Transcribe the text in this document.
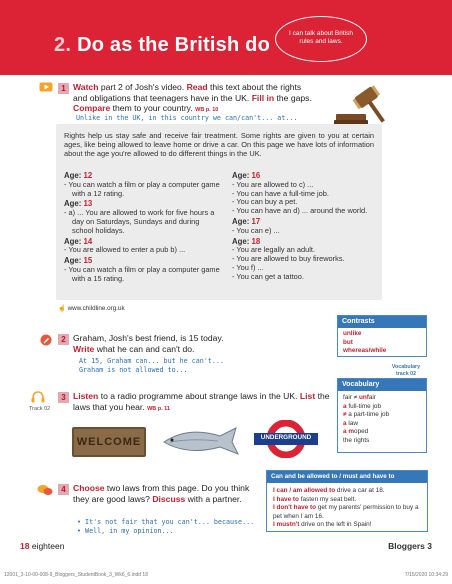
2. Do as the British do
I can talk about British
rules and laws.
1 Watch part 2 of Josh's video. Read this text about the rights and obligations that teenagers have in the UK. Fill in the gaps. Compare them to your country. WB p. 10
Unlike in the UK, in this country we can/can't... at...
Rights help us stay safe and receive fair treatment. Some rights are given to you at certain ages, like being allowed to leave home or drive a car. On this page we have lots of information about the age you're allowed to do different things in the UK.
Age: 12
- You can watch a film or play a computer game with a 12 rating.
Age: 13
- a) ... You are allowed to work for five hours a day on Saturdays, Sundays and during school holidays.
Age: 14
- You are allowed to enter a pub b) ...
Age: 15
- You can watch a film or play a computer game with a 15 rating.
Age: 16
- You are allowed to c) ...
- You can have a full-time job.
- You can buy a pet.
- You can have an d) ... around the world.
Age: 17
- You can e) ...
Age: 18
- You are legally an adult.
- You are allowed to buy fireworks.
- You f) ...
- You can get a tattoo.
☝ www.childline.org.uk
Contrasts
unlike
but
whereas/while
2 Graham, Josh's best friend, is 15 today.
Write what he can and can't do.
At 15, Graham can... but he can't...
Graham is not allowed to...	Vocabulary
track 02
Vocabulary
fair ≠ unfair
a full-time job
≠ a part-time job
a law
a moped
the rights
Track 02
3 Listen to a radio programme about strange laws in the UK. List the laws that you hear. WB p. 11
WELCOME	UNDERGROUND
Can and be allowed to / must and have to
I can / am allowed to drive a car at 18.
I have to fasten my seat belt.
I don't have to get my parents' permission to buy a pet when I am 16.
I mustn't drive on the left in Spain!
4 Choose two laws from this page. Do you think they are good laws? Discuss with a partner.
• It's not fair that you can't... because...
• Well, in my opinion...
18 eighteen	Bloggers 3
12001_3-10-00-008-9_Bloggers_StudentBook_3_Wk6_6.indd 18	7/15/2020 10:34:29
